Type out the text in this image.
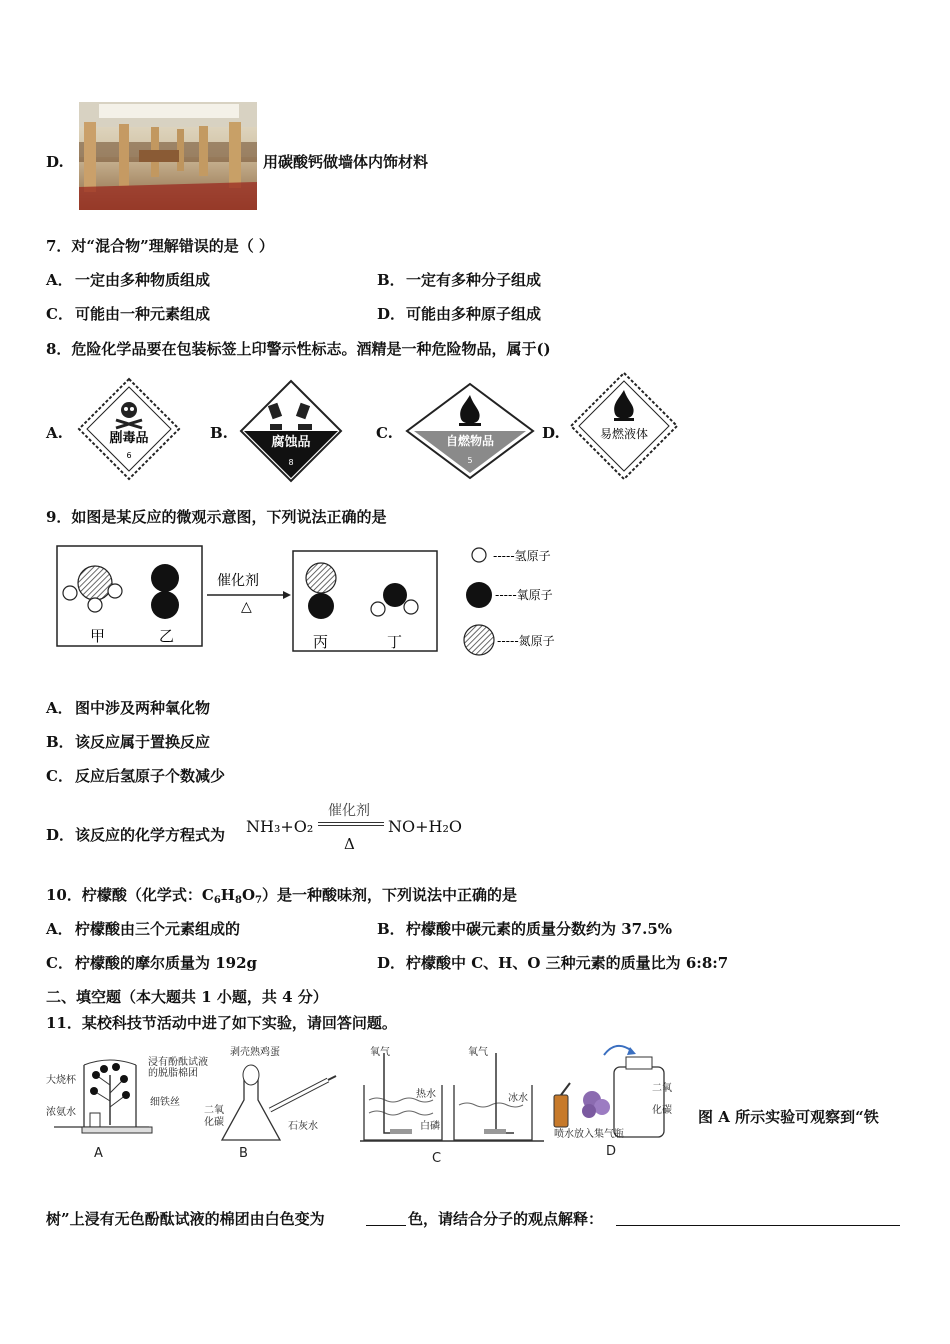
D.	用碳酸钙做墙体内饰材料
7．对“混合物”理解错误的是（ ）
A． 一定由多种物质组成	B． 一定有多种分子组成
C． 可能由一种元素组成	D． 可能由多种原子组成
8．危险化学品要在包装标签上印警示性标志。酒精是一种危险物品，属于()
A.	剧毒品
6
B.
腐蚀品
8
C.	自燃物品
5
D.	易燃液体
9．如图是某反应的微观示意图，下列说法正确的是
甲	乙
催化剂
△
丙	丁
-----氢原子
-----氧原子
-----氮原子
A． 图中涉及两种氧化物
B． 该反应属于置换反应
C． 反应后氢原子个数减少
D． 该反应的化学方程式为 NH₃+O₂
催化剂
Δ
NO+H₂O
10．柠檬酸（化学式：$C_6H_8O_7$）是一种酸味剂，下列说法中正确的是
A． 柠檬酸由三个元素组成的	B． 柠檬酸中碳元素的质量分数约为 37.5%
C． 柠檬酸的摩尔质量为 192g	D． 柠檬酸中 C、H、O 三种元素的质量比为 6:8:7
二、填空题（本大题共 1 小题，共 4 分）
11．某校科技节活动中进了如下实验，请回答问题。
大烧杯
浓氨水
浸有酚酞试液
的脱脂棉团
细铁丝
A
剥壳熟鸡蛋
二氧
化碳	石灰水
B
氧气	氧气
热水
白磷
冰水
C
二氧
化碳
喷水放入集气瓶
D
图 A 所示实验可观察到“铁
树”上浸有无色酚酞试液的棉团由白色变为	色，请结合分子的观点解释：
